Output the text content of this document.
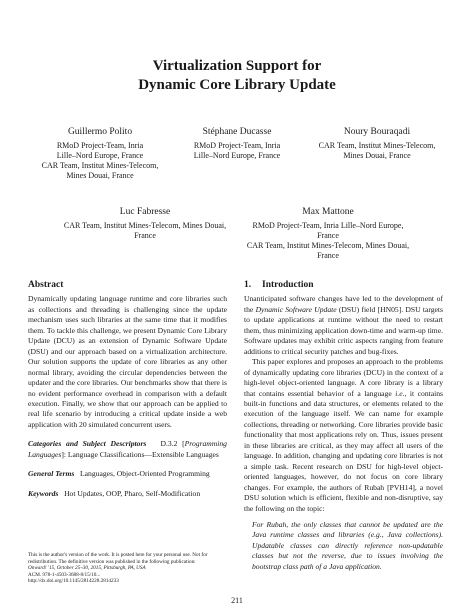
Virtualization Support for
Dynamic Core Library Update
Guillermo Polito
RMoD Project-Team, Inria
Lille–Nord Europe, France
CAR Team, Institut Mines-Telecom,
Mines Douai, France
Stéphane Ducasse
RMoD Project-Team, Inria
Lille–Nord Europe, France
Noury Bouraqadi
CAR Team, Institut Mines-Telecom,
Mines Douai, France
Luc Fabresse
CAR Team, Institut Mines-Telecom, Mines Douai,
France
Max Mattone
RMoD Project-Team, Inria Lille–Nord Europe,
France
CAR Team, Institut Mines-Telecom, Mines Douai,
France
Abstract

Dynamically updating language runtime and core libraries such as collections and threading is challenging since the update mechanism uses such libraries at the same time that it modifies them. To tackle this challenge, we present Dynamic Core Library Update (DCU) as an extension of Dynamic Software Update (DSU) and our approach based on a virtualization architecture. Our solution supports the update of core libraries as any other normal library, avoiding the circular dependencies between the updater and the core libraries. Our benchmarks show that there is no evident performance overhead in comparison with a default execution. Finally, we show that our approach can be applied to real life scenario by introducing a critical update inside a web application with 20 simulated concurrent users.

Categories and Subject Descriptors D.3.2 [Programming Languages]: Language Classifications—Extensible Languages

General Terms Languages, Object-Oriented Programming

Keywords Hot Updates, OOP, Pharo, Self-Modification

1. Introduction

Unanticipated software changes have led to the development of the Dynamic Software Update (DSU) field [HN05]. DSU targets to update applications at runtime without the need to restart them, thus minimizing application down-time and warm-up time. Software updates may exhibit critic aspects ranging from feature additions to critical security patches and bug-fixes.

This paper explores and proposes an approach to the problems of dynamically updating core libraries (DCU) in the context of a high-level object-oriented language. A core library is a library that contains essential behavior of a language i.e., it contains built-in functions and data structures, or elements related to the execution of the language itself. We can name for example collections, threading or networking. Core libraries provide basic functionality that most applications rely on. Thus, issues present in these libraries are critical, as they may affect all users of the language. In addition, changing and updating core libraries is not a simple task. Recent research on DSU for high-level object-oriented languages, however, do not focus on core library changes. For example, the authors of Rubah [PVH14], a novel DSU solution which is efficient, flexible and non-disruptive, say the following on the topic:

For Rubah, the only classes that cannot be updated are the Java runtime classes and libraries (e.g., Java collections). Updatable classes can directly reference non-updatable classes but not the reverse, due to issues involving the bootstrap class path of a Java application.

This is the author's version of the work. It is posted here for your personal use. Not for
redistribution. The definitive version was published in the following publication:
Onward! '15, October 25–30, 2015, Pittsburgh, PA, USA
ACM. 978-1-4503-3688-8/15/10...
http://dx.doi.org/10.1145/2814228.2814233
211
